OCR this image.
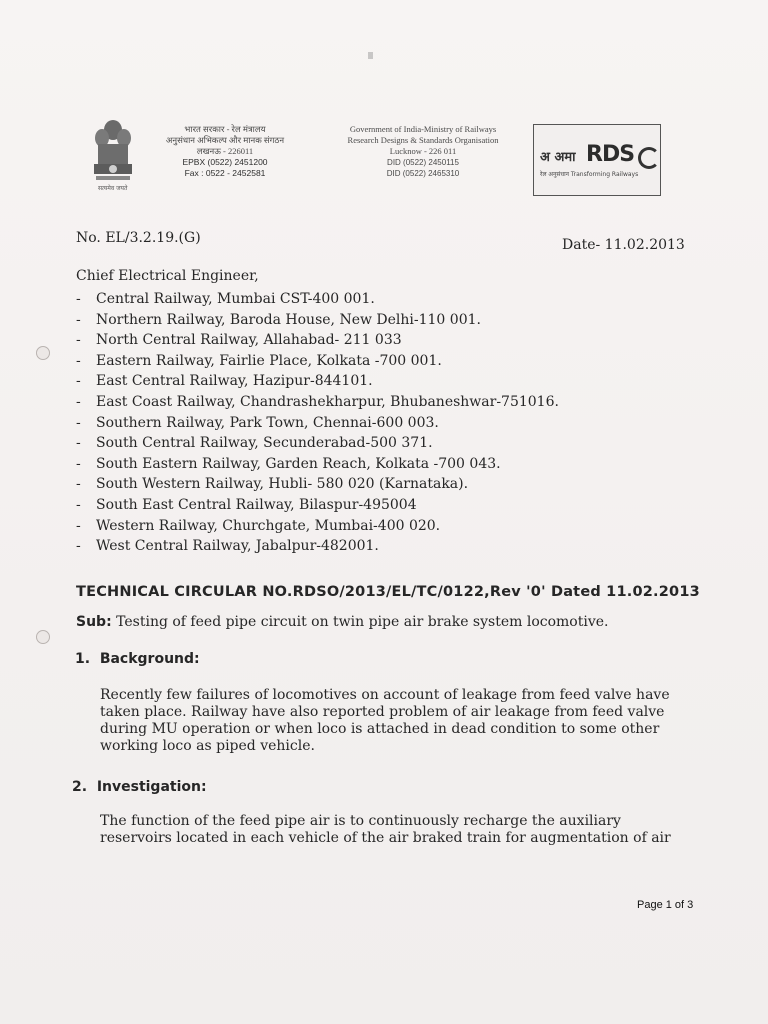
सत्यमेव जयते
भारत सरकार - रेल मंत्रालय
अनुसंधान अभिकल्प और मानक संगठन
लखनऊ - 226011
EPBX (0522) 2451200
Fax : 0522 - 2452581
Government of India-Ministry of Railways
Research Designs & Standards Organisation
Lucknow - 226 011
DID (0522) 2450115
DID (0522) 2465310
अ अमा RDS
रेल अनुसंधान Transforming Railways
No. EL/3.2.19.(G)	Date- 11.02.2013
Chief Electrical Engineer,
- Central Railway, Mumbai CST-400 001.
- Northern Railway, Baroda House, New Delhi-110 001.
- North Central Railway, Allahabad- 211 033
- Eastern Railway, Fairlie Place, Kolkata -700 001.
- East Central Railway, Hazipur-844101.
- East Coast Railway, Chandrashekharpur, Bhubaneshwar-751016.
- Southern Railway, Park Town, Chennai-600 003.
- South Central Railway, Secunderabad-500 371.
- South Eastern Railway, Garden Reach, Kolkata -700 043.
- South Western Railway, Hubli- 580 020 (Karnataka).
- South East Central Railway, Bilaspur-495004
- Western Railway, Churchgate, Mumbai-400 020.
- West Central Railway, Jabalpur-482001.
TECHNICAL CIRCULAR NO.RDSO/2013/EL/TC/0122,Rev '0' Dated 11.02.2013
Sub: Testing of feed pipe circuit on twin pipe air brake system locomotive.
1. Background:
Recently few failures of locomotives on account of leakage from feed valve have
taken place. Railway have also reported problem of air leakage from feed valve
during MU operation or when loco is attached in dead condition to some other
working loco as piped vehicle.
2. Investigation:
The function of the feed pipe air is to continuously recharge the auxiliary
reservoirs located in each vehicle of the air braked train for augmentation of air
Page 1 of 3
